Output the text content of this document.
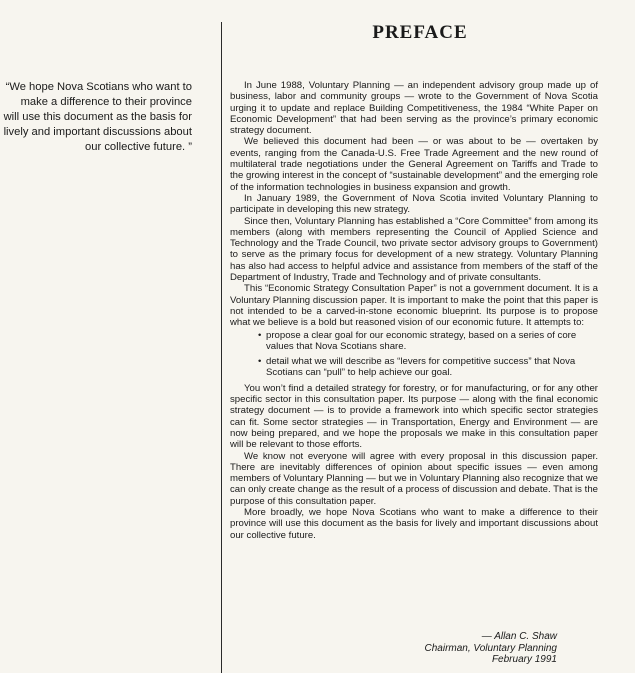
PREFACE

“We hope Nova Scotians who want to make a difference to their province will use this document as the basis for lively and important discussions about our collective future. ”

In June 1988, Voluntary Planning — an independent advisory group made up of business, labor and community groups — wrote to the Government of Nova Scotia urging it to update and replace Building Competitiveness, the 1984 “White Paper on Economic Development” that had been serving as the province’s primary economic strategy document.

We believed this document had been — or was about to be — overtaken by events, ranging from the Canada-U.S. Free Trade Agreement and the new round of multilateral trade negotiations under the General Agreement on Tariffs and Trade to the growing interest in the concept of “sustainable development” and the emerging role of the information technologies in business expansion and growth.

In January 1989, the Government of Nova Scotia invited Voluntary Planning to participate in developing this new strategy.

Since then, Voluntary Planning has established a “Core Committee” from among its members (along with members representing the Council of Applied Science and Technology and the Trade Council, two private sector advisory groups to Government) to serve as the primary focus for development of a new strategy. Voluntary Planning has also had access to helpful advice and assistance from members of the staff of the Department of Industry, Trade and Technology and of private consultants.

This “Economic Strategy Consultation Paper” is not a government document. It is a Voluntary Planning discussion paper. It is important to make the point that this paper is not intended to be a carved-in-stone economic blueprint. Its purpose is to propose what we believe is a bold but reasoned vision of our economic future. It attempts to:

• propose a clear goal for our economic strategy, based on a series of core values that Nova Scotians share.
• detail what we will describe as “levers for competitive success” that Nova Scotians can “pull” to help achieve our goal.

You won’t find a detailed strategy for forestry, or for manufacturing, or for any other specific sector in this consultation paper. Its purpose — along with the final economic strategy document — is to provide a framework into which specific sector strategies can fit. Some sector strategies — in Transportation, Energy and Environment — are now being prepared, and we hope the proposals we make in this consultation paper will be relevant to those efforts.

We know not everyone will agree with every proposal in this discussion paper. There are inevitably differences of opinion about specific issues — even among members of Voluntary Planning — but we in Voluntary Planning also recognize that we can only create change as the result of a process of discussion and debate. That is the purpose of this consultation paper.

More broadly, we hope Nova Scotians who want to make a difference to their province will use this document as the basis for lively and important discussions about our collective future.

— Allan C. Shaw
Chairman, Voluntary Planning
February 1991
